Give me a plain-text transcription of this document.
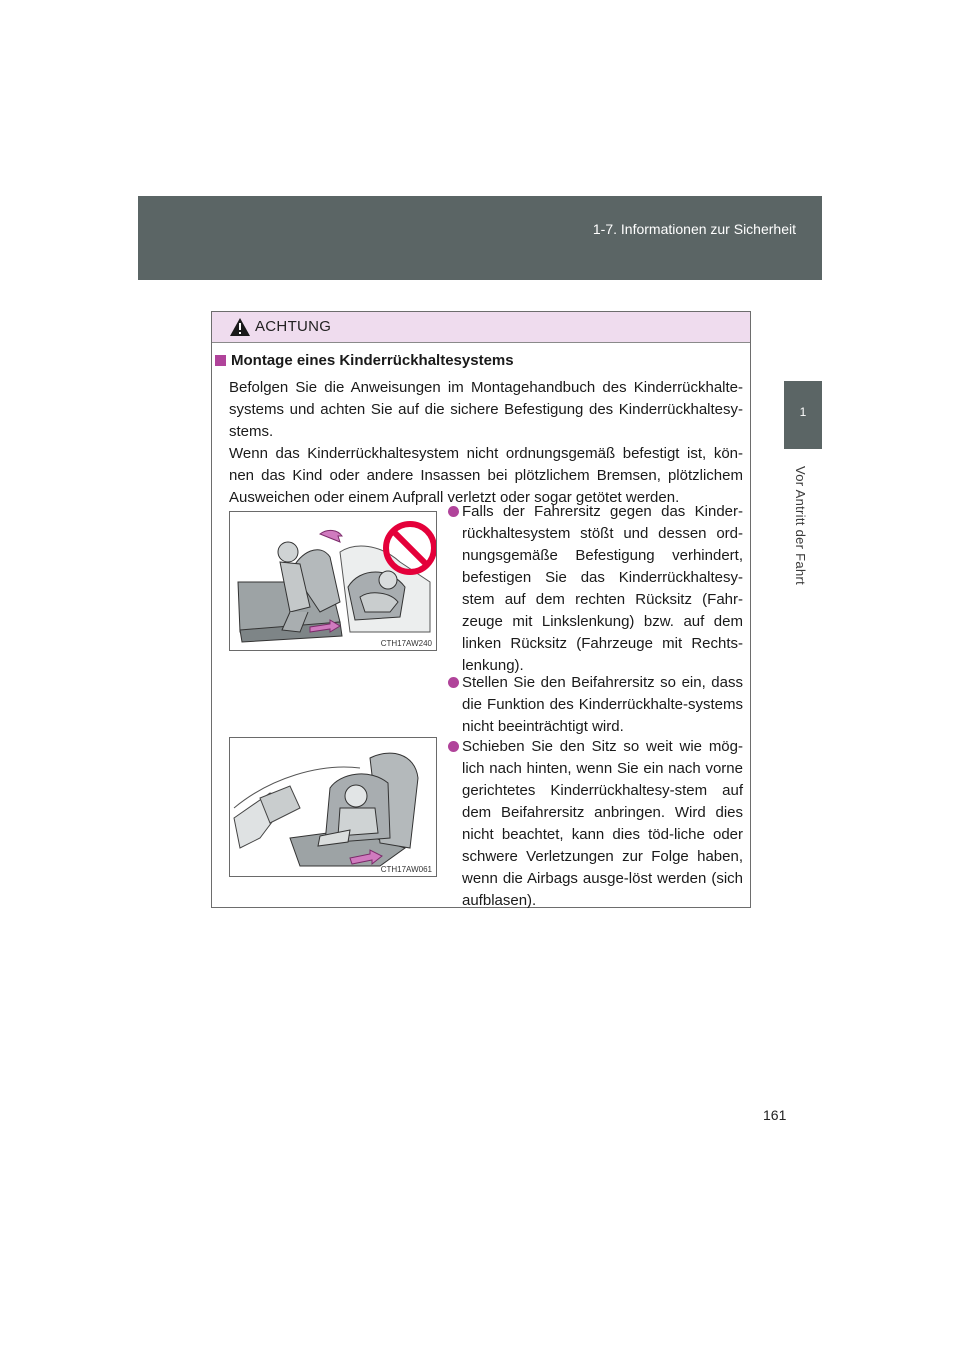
1-7. Informationen zur Sicherheit
1
Vor Antritt der Fahrt
ACHTUNG
Montage eines Kinderrückhaltesystems

Befolgen Sie die Anweisungen im Montagehandbuch des Kinderrückhalte-systems und achten Sie auf die sichere Befestigung des Kinderrückhaltesy-stems.

Wenn das Kinderrückhaltesystem nicht ordnungsgemäß befestigt ist, kön-nen das Kind oder andere Insassen bei plötzlichem Bremsen, plötzlichem Ausweichen oder einem Aufprall verletzt oder sogar getötet werden.

CTH17AW240
CTH17AW061
Falls der Fahrersitz gegen das Kinder-rückhaltesystem stößt und dessen ord-nungsgemäße Befestigung verhindert, befestigen Sie das Kinderrückhaltesy-stem auf dem rechten Rücksitz (Fahr-zeuge mit Linkslenkung) bzw. auf dem linken Rücksitz (Fahrzeuge mit Rechts-lenkung).
Stellen Sie den Beifahrersitz so ein, dass die Funktion des Kinderrückhalte-systems nicht beeinträchtigt wird.
Schieben Sie den Sitz so weit wie mög-lich nach hinten, wenn Sie ein nach vorne gerichtetes Kinderrückhaltesy-stem auf dem Beifahrersitz anbringen. Wird dies nicht beachtet, kann dies töd-liche oder schwere Verletzungen zur Folge haben, wenn die Airbags ausge-löst werden (sich aufblasen).
161
